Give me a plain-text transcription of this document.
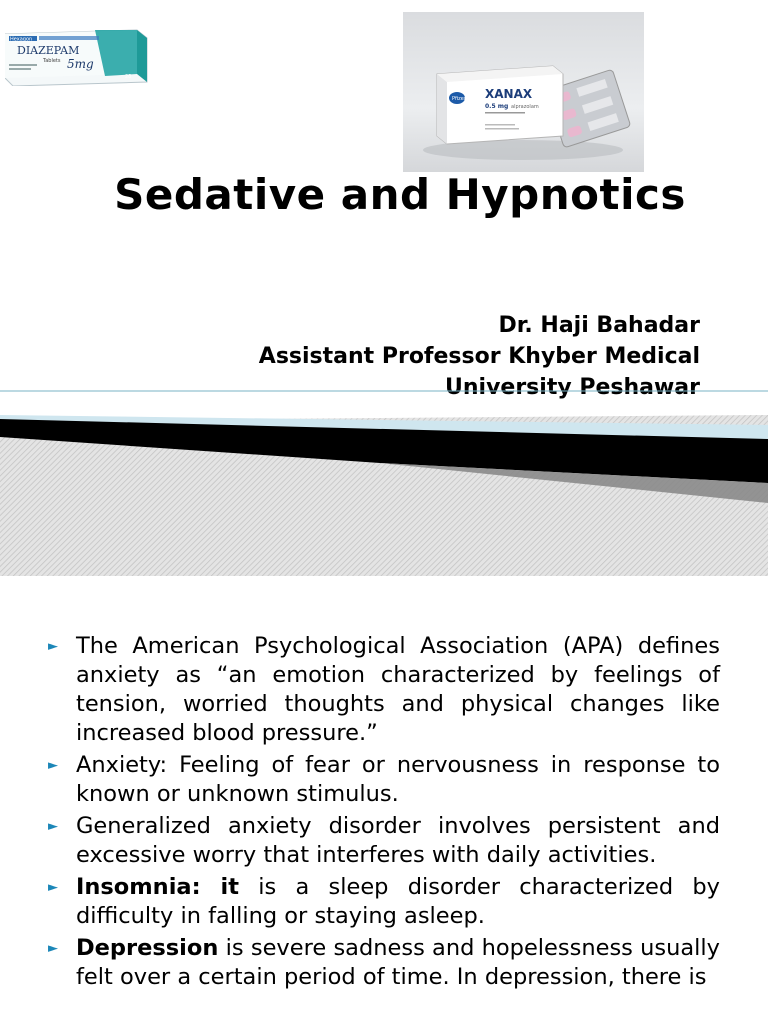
Hexagon
DIAZEPAM
Tablets 5mg
28
Pfizer XANAX
0.5 mg alprazolam
Sedative and Hypnotics
Dr. Haji Bahadar
Assistant Professor Khyber Medical
University Peshawar
► The American Psychological Association (APA) defines anxiety as “an emotion characterized by feelings of tension, worried thoughts and physical changes like increased blood pressure.”
► Anxiety: Feeling of fear or nervousness in response to known or unknown stimulus.
► Generalized anxiety disorder involves persistent and excessive worry that interferes with daily activities.
► Insomnia: it is a sleep disorder characterized by difficulty in falling or staying asleep.
► Depression is severe sadness and hopelessness usually felt over a certain period of time. In depression, there is
